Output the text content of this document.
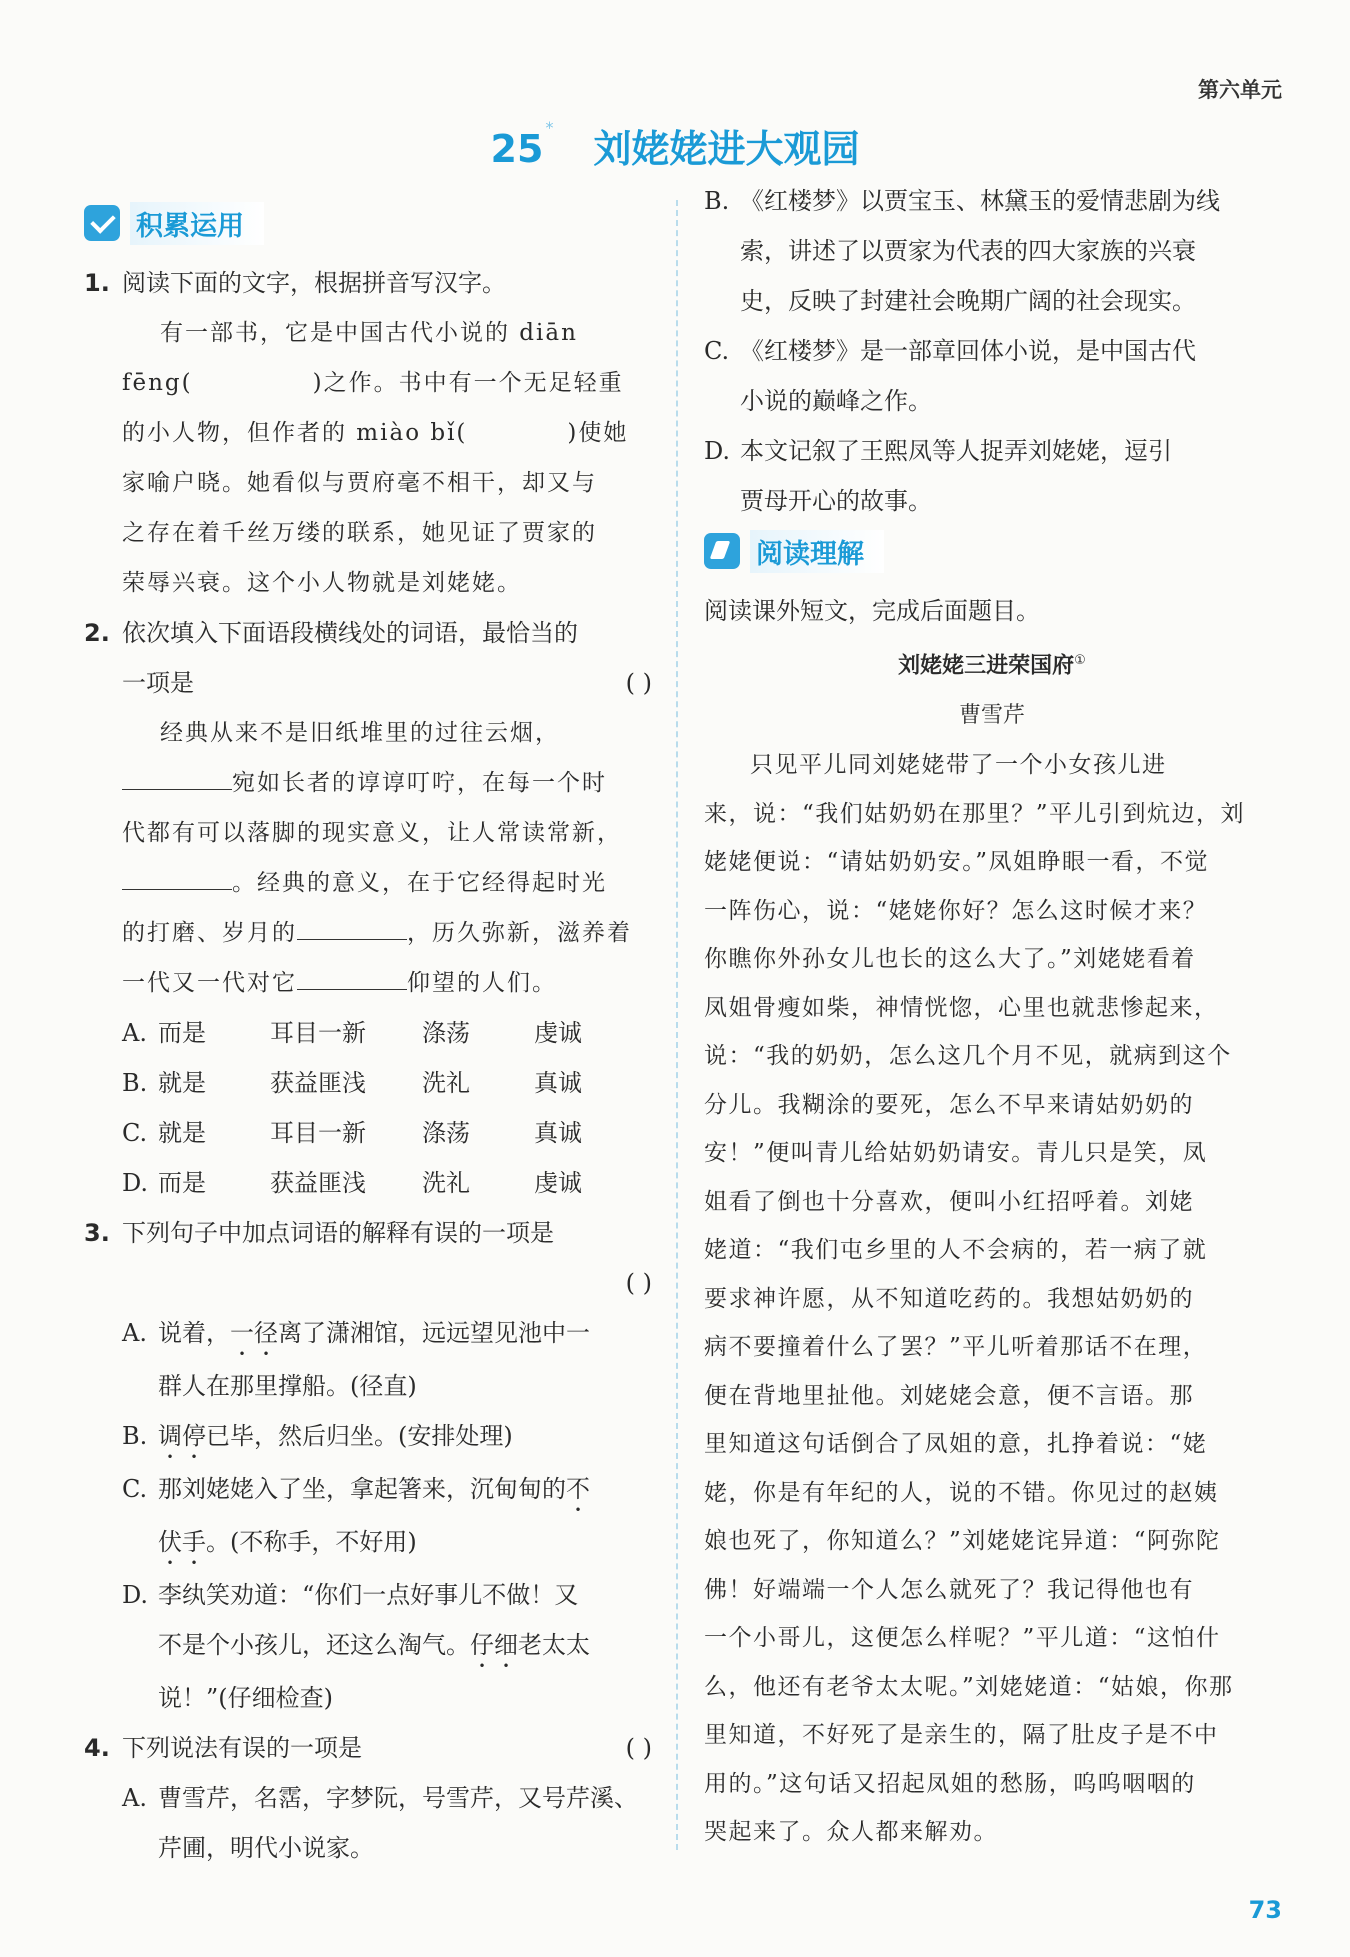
第六单元
25 * 刘姥姥进大观园
积累运用
1. 阅读下面的文字，根据拼音写汉字。

有一部书，它是中国古代小说的 diān

fēng(	)之作。书中有一个无足轻重

的小人物，但作者的 miào bǐ(	)使她

家喻户晓。她看似与贾府毫不相干，却又与

之存在着千丝万缕的联系，她见证了贾家的

荣辱兴衰。这个小人物就是刘姥姥。

2. 依次填入下面语段横线处的词语，最恰当的

一项是	( )

经典从来不是旧纸堆里的过往云烟，

宛如长者的谆谆叮咛，在每一个时

代都有可以落脚的现实意义，让人常读常新，

。经典的意义，在于它经得起时光

的打磨、岁月的	，历久弥新，滋养着

一代又一代对它	仰望的人们。

A. 而是	耳目一新	涤荡	虔诚
B. 就是	获益匪浅	洗礼	真诚
C. 就是	耳目一新	涤荡	真诚
D. 而是	获益匪浅	洗礼	虔诚
3. 下列句子中加点词语的解释有误的一项是

( )

A. 说着，一径离了潇湘馆，远远望见池中一

群人在那里撑船。(径直)

B. 调停已毕，然后归坐。(安排处理)

C. 那刘姥姥入了坐，拿起箸来，沉甸甸的不

伏手。(不称手，不好用)

D. 李纨笑劝道：“你们一点好事儿不做！又

不是个小孩儿，还这么淘气。仔细老太太

说！”(仔细检查)

4. 下列说法有误的一项是	( )

A. 曹雪芹，名霑，字梦阮，号雪芹，又号芹溪、

芹圃，明代小说家。

B. 《红楼梦》以贾宝玉、林黛玉的爱情悲剧为线

索，讲述了以贾家为代表的四大家族的兴衰

史，反映了封建社会晚期广阔的社会现实。

C. 《红楼梦》是一部章回体小说，是中国古代

小说的巅峰之作。

D. 本文记叙了王熙凤等人捉弄刘姥姥，逗引

贾母开心的故事。

阅读理解

阅读课外短文，完成后面题目。

刘姥姥三进荣国府①

曹雪芹

只见平儿同刘姥姥带了一个小女孩儿进

来，说：“我们姑奶奶在那里？”平儿引到炕边，刘

姥姥便说：“请姑奶奶安。”凤姐睁眼一看，不觉

一阵伤心，说：“姥姥你好？怎么这时候才来？

你瞧你外孙女儿也长的这么大了。”刘姥姥看着

凤姐骨瘦如柴，神情恍惚，心里也就悲惨起来，

说：“我的奶奶，怎么这几个月不见，就病到这个

分儿。我糊涂的要死，怎么不早来请姑奶奶的

安！”便叫青儿给姑奶奶请安。青儿只是笑，凤

姐看了倒也十分喜欢，便叫小红招呼着。刘姥

姥道：“我们屯乡里的人不会病的，若一病了就

要求神许愿，从不知道吃药的。我想姑奶奶的

病不要撞着什么了罢？”平儿听着那话不在理，

便在背地里扯他。刘姥姥会意，便不言语。那

里知道这句话倒合了凤姐的意，扎挣着说：“姥

姥，你是有年纪的人，说的不错。你见过的赵姨

娘也死了，你知道么？”刘姥姥诧异道：“阿弥陀

佛！好端端一个人怎么就死了？我记得他也有

一个小哥儿，这便怎么样呢？”平儿道：“这怕什

么，他还有老爷太太呢。”刘姥姥道：“姑娘，你那

里知道，不好死了是亲生的，隔了肚皮子是不中

用的。”这句话又招起凤姐的愁肠，呜呜咽咽的

哭起来了。众人都来解劝。

73
